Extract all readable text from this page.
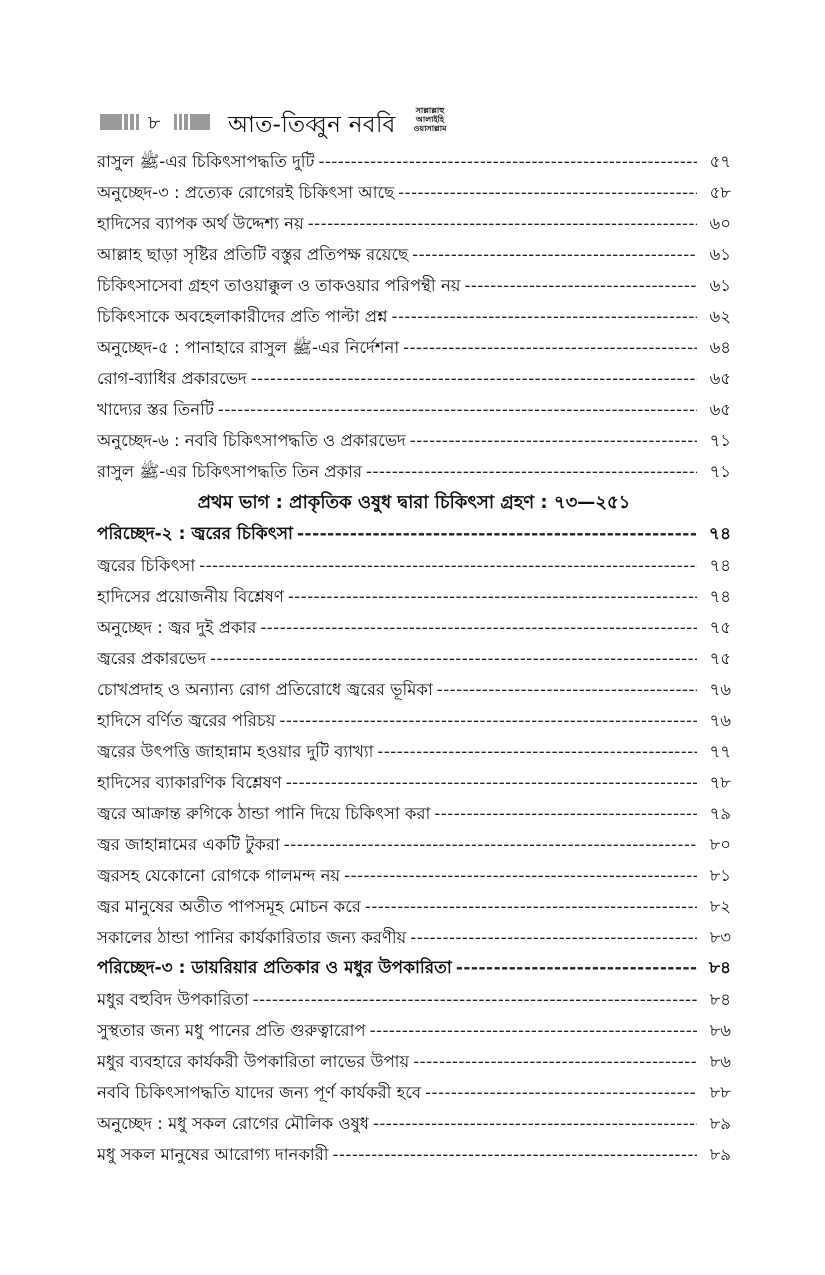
৮	আত-তিব্বুন নববি
সাল্লাল্লাহু আলাইহি ওয়াসাল্লাম
রাসুল ﷺ-এর চিকিৎসাপদ্ধতি দুটি -----	৫৭
অনুচ্ছেদ-৩ : প্রত্যেক রোগেরই চিকিৎসা আছে -----	৫৮
হাদিসের ব্যাপক অর্থ উদ্দেশ্য নয় -----	৬০
আল্লাহ ছাড়া সৃষ্টির প্রতিটি বস্তুর প্রতিপক্ষ রয়েছে -----	৬১
চিকিৎসাসেবা গ্রহণ তাওয়াক্কুল ও তাকওয়ার পরিপন্থী নয় -----	৬১
চিকিৎসাকে অবহেলাকারীদের প্রতি পাল্টা প্রশ্ন -----	৬২
অনুচ্ছেদ-৫ : পানাহারে রাসুল ﷺ-এর নির্দেশনা -----	৬৪
রোগ-ব্যাধির প্রকারভেদ -----	৬৫
খাদ্যের স্তর তিনটি -----	৬৫
অনুচ্ছেদ-৬ : নববি চিকিৎসাপদ্ধতি ও প্রকারভেদ -----	৭১
রাসুল ﷺ-এর চিকিৎসাপদ্ধতি তিন প্রকার -----	৭১
প্রথম ভাগ : প্রাকৃতিক ওষুধ দ্বারা চিকিৎসা গ্রহণ : ৭৩—২৫১
পরিচ্ছেদ-২ : জ্বরের চিকিৎসা -----	৭৪
জ্বরের চিকিৎসা -----	৭৪
হাদিসের প্রয়োজনীয় বিশ্লেষণ -----	৭৪
অনুচ্ছেদ : জ্বর দুই প্রকার -----	৭৫
জ্বরের প্রকারভেদ -----	৭৫
চোখপ্রদাহ ও অন্যান্য রোগ প্রতিরোধে জ্বরের ভূমিকা -----	৭৬
হাদিসে বর্ণিত জ্বরের পরিচয় -----	৭৬
জ্বরের উৎপত্তি জাহান্নাম হওয়ার দুটি ব্যাখ্যা -----	৭৭
হাদিসের ব্যাকারণিক বিশ্লেষণ -----	৭৮
জ্বরে আক্রান্ত রুগিকে ঠান্ডা পানি দিয়ে চিকিৎসা করা -----	৭৯
জ্বর জাহান্নামের একটি টুকরা -----	৮০
জ্বরসহ যেকোনো রোগকে গালমন্দ নয় -----	৮১
জ্বর মানুষের অতীত পাপসমূহ মোচন করে -----	৮২
সকালের ঠান্ডা পানির কার্যকারিতার জন্য করণীয় -----	৮৩
পরিচ্ছেদ-৩ : ডায়রিয়ার প্রতিকার ও মধুর উপকারিতা -----	৮৪
মধুর বহুবিদ উপকারিতা -----	৮৪
সুস্থতার জন্য মধু পানের প্রতি গুরুত্বারোপ -----	৮৬
মধুর ব্যবহারে কার্যকরী উপকারিতা লাভের উপায় -----	৮৬
নববি চিকিৎসাপদ্ধতি যাদের জন্য পূর্ণ কার্যকরী হবে -----	৮৮
অনুচ্ছেদ : মধু সকল রোগের মৌলিক ওষুধ -----	৮৯
মধু সকল মানুষের আরোগ্য দানকারী -----	৮৯
